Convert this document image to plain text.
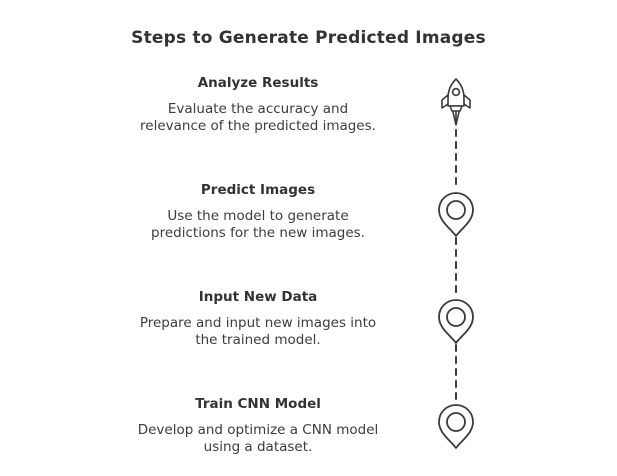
Steps to Generate Predicted Images
Analyze Results
Evaluate the accuracy and
relevance of the predicted images.
Predict Images
Use the model to generate
predictions for the new images.
Input New Data
Prepare and input new images into
the trained model.
Train CNN Model
Develop and optimize a CNN model
using a dataset.
